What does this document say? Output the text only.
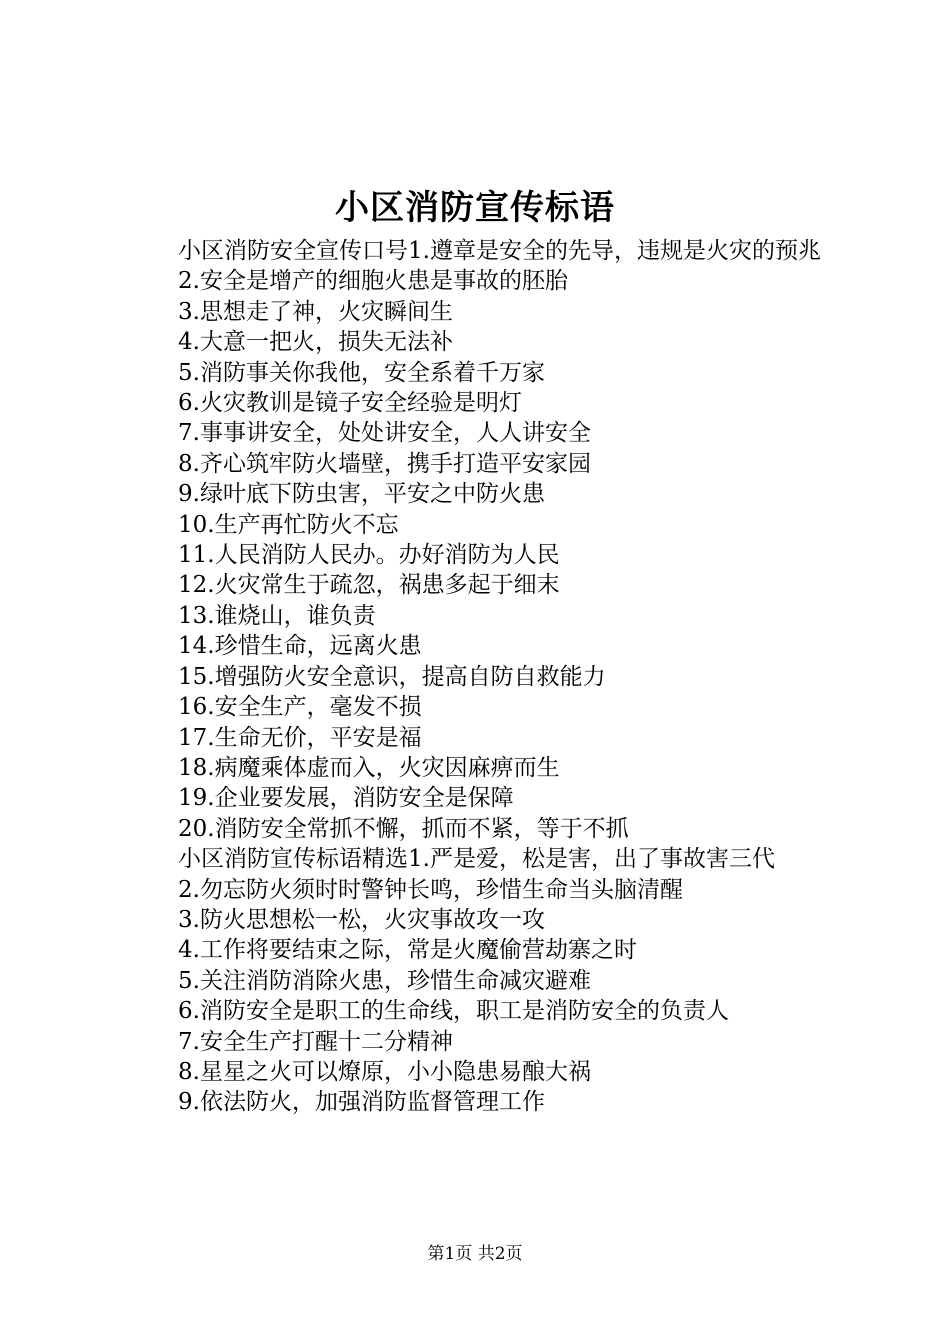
小区消防宣传标语

小区消防安全宣传口号1.遵章是安全的先导，违规是火灾的预兆

2.安全是增产的细胞火患是事故的胚胎

3.思想走了神，火灾瞬间生

4.大意一把火，损失无法补

5.消防事关你我他，安全系着千万家

6.火灾教训是镜子安全经验是明灯

7.事事讲安全，处处讲安全，人人讲安全

8.齐心筑牢防火墙壁，携手打造平安家园

9.绿叶底下防虫害，平安之中防火患

10.生产再忙防火不忘

11.人民消防人民办。办好消防为人民

12.火灾常生于疏忽，祸患多起于细末

13.谁烧山，谁负责

14.珍惜生命，远离火患

15.增强防火安全意识，提高自防自救能力

16.安全生产，毫发不损

17.生命无价，平安是福

18.病魔乘体虚而入，火灾因麻痹而生

19.企业要发展，消防安全是保障

20.消防安全常抓不懈，抓而不紧，等于不抓

小区消防宣传标语精选1.严是爱，松是害，出了事故害三代

2.勿忘防火须时时警钟长鸣，珍惜生命当头脑清醒

3.防火思想松一松，火灾事故攻一攻

4.工作将要结束之际，常是火魔偷营劫寨之时

5.关注消防消除火患，珍惜生命减灾避难

6.消防安全是职工的生命线，职工是消防安全的负责人

7.安全生产打醒十二分精神

8.星星之火可以燎原，小小隐患易酿大祸

9.依法防火，加强消防监督管理工作

第1页 共2页
